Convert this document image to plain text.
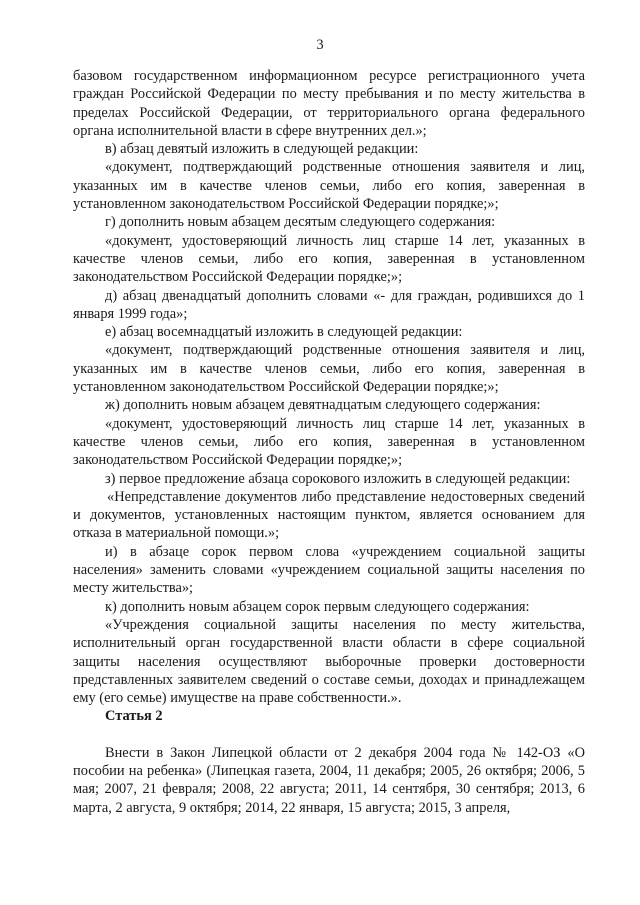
3

базовом государственном информационном ресурсе регистрационного учета граждан Российской Федерации по месту пребывания и по месту жительства в пределах Российской Федерации, от территориального органа федерального органа исполнительной власти в сфере внутренних дел.»;

в) абзац девятый изложить в следующей редакции:

«документ, подтверждающий родственные отношения заявителя и лиц, указанных им в качестве членов семьи, либо его копия, заверенная в установленном законодательством Российской Федерации порядке;»;

г) дополнить новым абзацем десятым следующего содержания:

«документ, удостоверяющий личность лиц старше 14 лет, указанных в качестве членов семьи, либо его копия, заверенная в установленном законодательством Российской Федерации порядке;»;

д) абзац двенадцатый дополнить словами «- для граждан, родившихся до 1 января 1999 года»;

е) абзац восемнадцатый изложить в следующей редакции:

«документ, подтверждающий родственные отношения заявителя и лиц, указанных им в качестве членов семьи, либо его копия, заверенная в установленном законодательством Российской Федерации порядке;»;

ж) дополнить новым абзацем девятнадцатым следующего содержания:

«документ, удостоверяющий личность лиц старше 14 лет, указанных в качестве членов семьи, либо его копия, заверенная в установленном законодательством Российской Федерации порядке;»;

з) первое предложение абзаца сорокового изложить в следующей редакции:

«Непредставление документов либо представление недостоверных сведений и документов, установленных настоящим пунктом, является основанием для отказа в материальной помощи.»;

и) в абзаце сорок первом слова «учреждением социальной защиты населения» заменить словами «учреждением социальной защиты населения по месту жительства»;

к) дополнить новым абзацем сорок первым следующего содержания:

«Учреждения социальной защиты населения по месту жительства, исполнительный орган государственной власти области в сфере социальной защиты населения осуществляют выборочные проверки достоверности представленных заявителем сведений о составе семьи, доходах и принадлежащем ему (его семье) имуществе на праве собственности.».

Статья 2

Внести в Закон Липецкой области от 2 декабря 2004 года № 142-ОЗ «О пособии на ребенка» (Липецкая газета, 2004, 11 декабря; 2005, 26 октября; 2006, 5 мая; 2007, 21 февраля; 2008, 22 августа; 2011, 14 сентября, 30 сентября; 2013, 6 марта, 2 августа, 9 октября; 2014, 22 января, 15 августа; 2015, 3 апреля,
